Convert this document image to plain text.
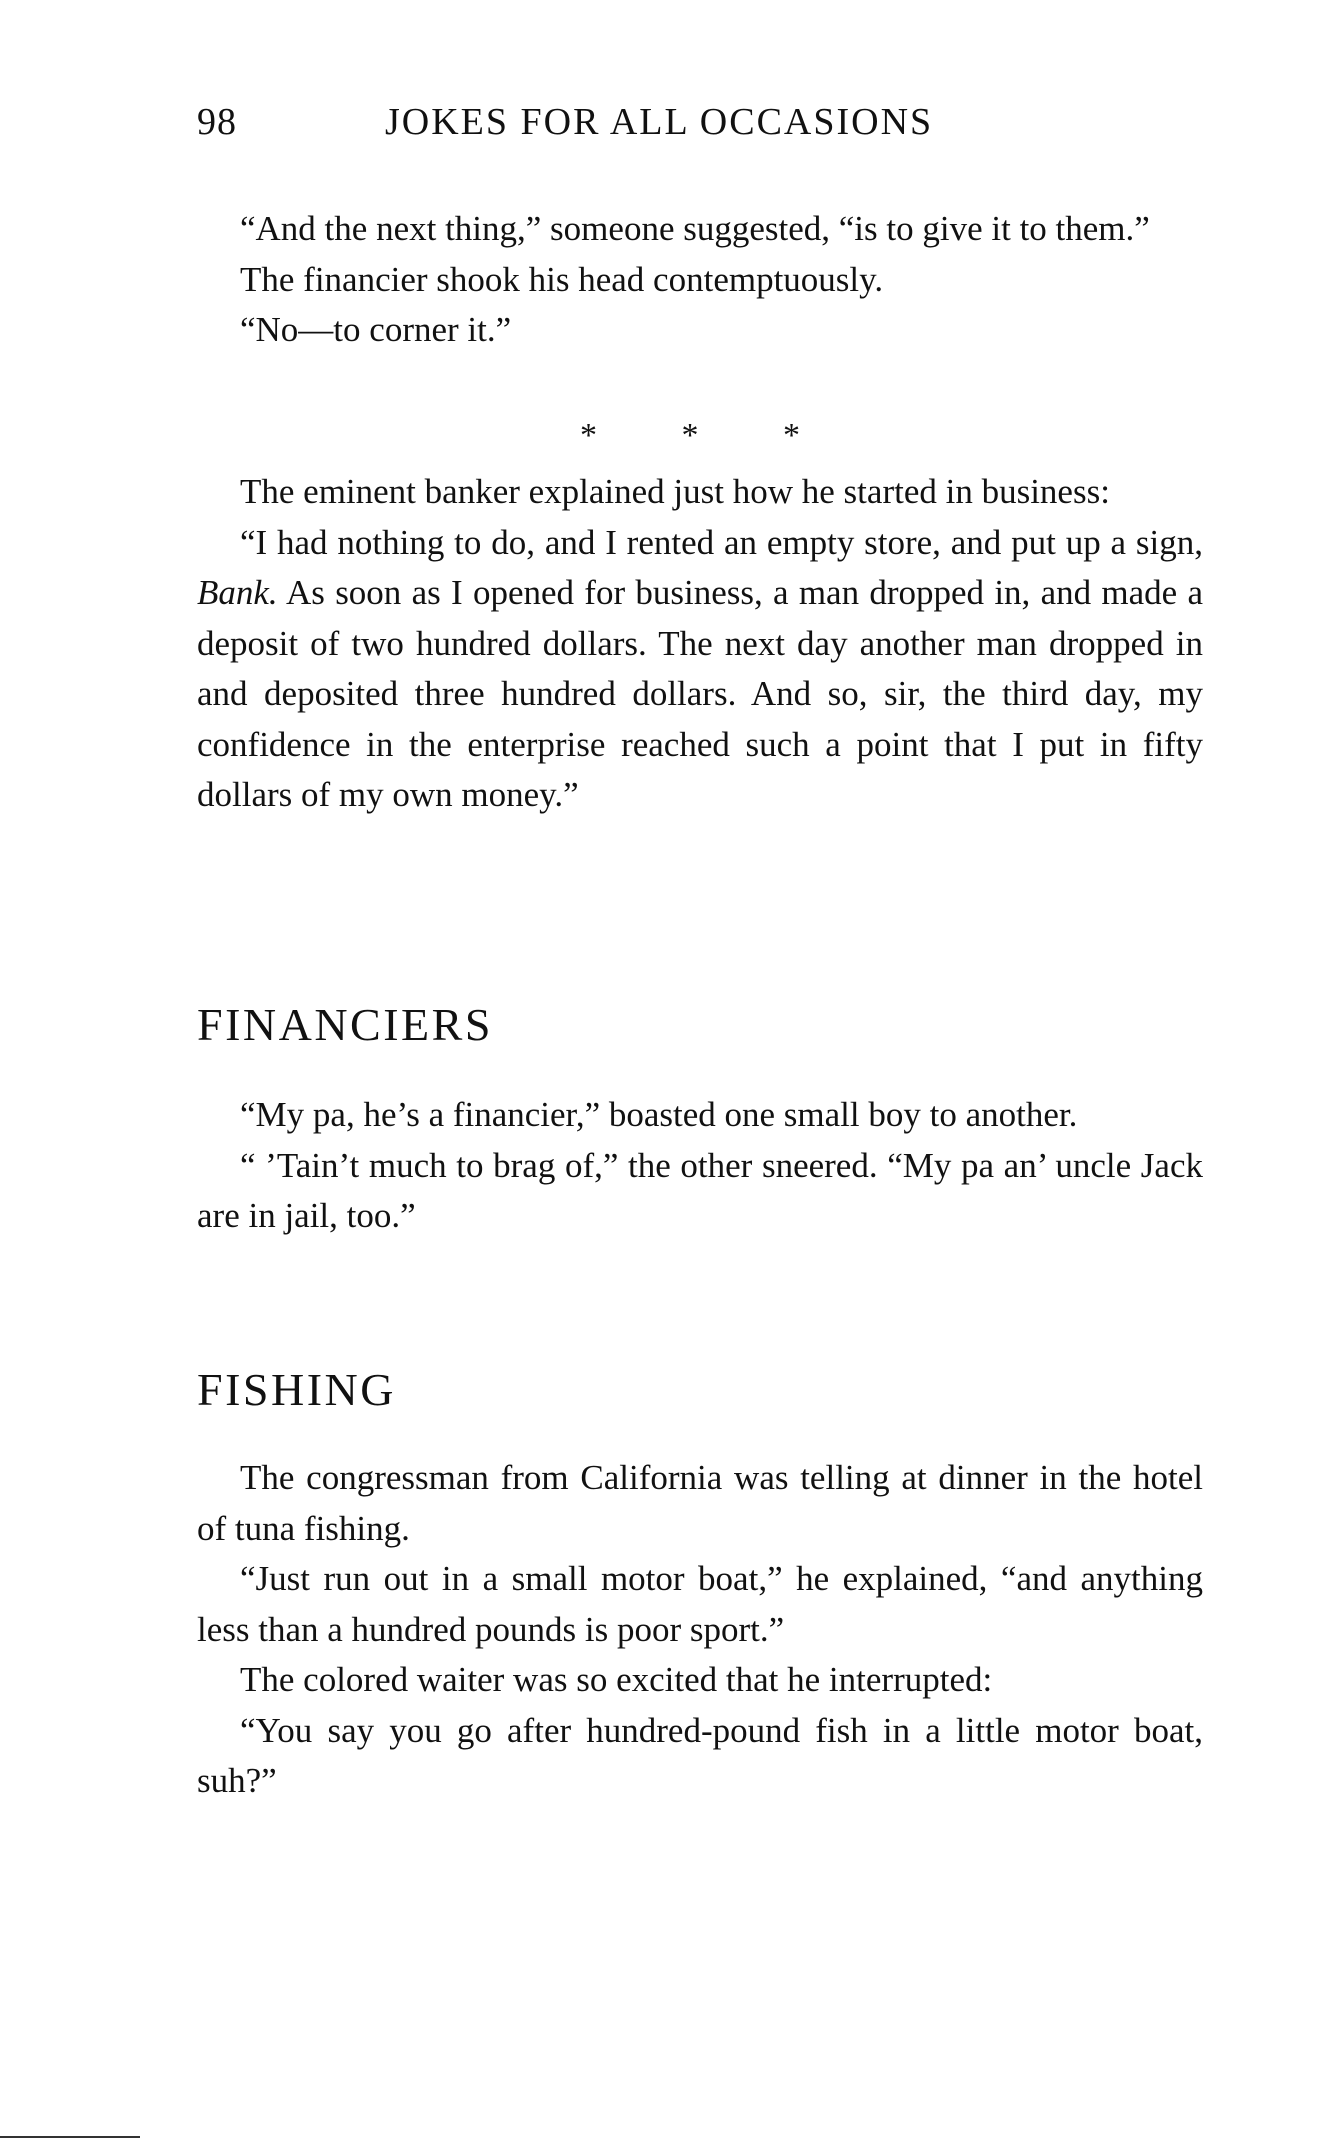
98	JOKES FOR ALL OCCASIONS

“And the next thing,” someone suggested, “is to give it to them.”

The financier shook his head contemptuously.

“No—to corner it.”

* * *

The eminent banker explained just how he started in business:

“I had nothing to do, and I rented an empty store, and put up a sign, Bank. As soon as I opened for business, a man dropped in, and made a deposit of two hundred dollars. The next day another man dropped in and deposited three hundred dollars. And so, sir, the third day, my confidence in the enterprise reached such a point that I put in fifty dollars of my own money.”

FINANCIERS

“My pa, he’s a financier,” boasted one small boy to another.

“ ’Tain’t much to brag of,” the other sneered. “My pa an’ uncle Jack are in jail, too.”

FISHING

The congressman from California was telling at dinner in the hotel of tuna fishing.

“Just run out in a small motor boat,” he explained, “and anything less than a hundred pounds is poor sport.”

The colored waiter was so excited that he interrupted:

“You say you go after hundred-pound fish in a little motor boat, suh?”
